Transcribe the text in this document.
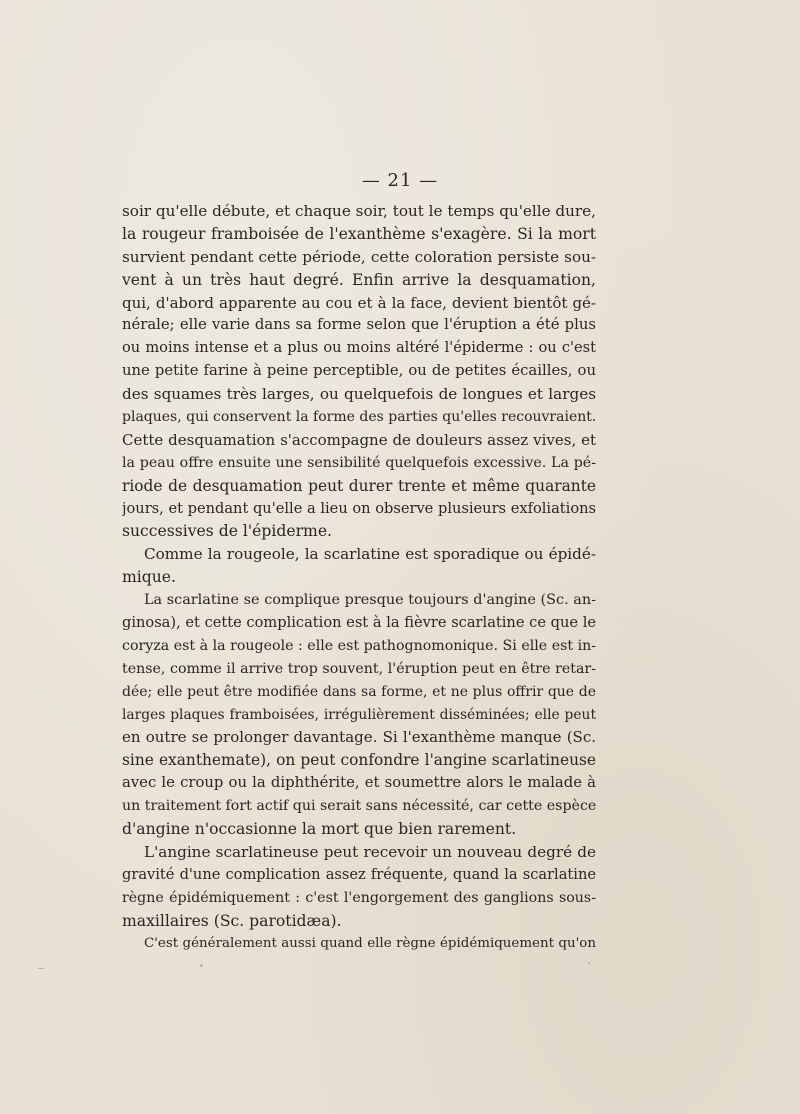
— 21 —
soir qu'elle débute, et chaque soir, tout le temps qu'elle dure,
la rougeur framboisée de l'exanthème s'exagère. Si la mort
survient pendant cette période, cette coloration persiste sou-
vent à un très haut degré. Enfin arrive la desquamation,
qui, d'abord apparente au cou et à la face, devient bientôt gé-
nérale; elle varie dans sa forme selon que l'éruption a été plus
ou moins intense et a plus ou moins altéré l'épiderme : ou c'est
une petite farine à peine perceptible, ou de petites écailles, ou
des squames très larges, ou quelquefois de longues et larges
plaques, qui conservent la forme des parties qu'elles recouvraient.
Cette desquamation s'accompagne de douleurs assez vives, et
la peau offre ensuite une sensibilité quelquefois excessive. La pé-
riode de desquamation peut durer trente et même quarante
jours, et pendant qu'elle a lieu on observe plusieurs exfoliations
successives de l'épiderme.
Comme la rougeole, la scarlatine est sporadique ou épidé-
mique.
La scarlatine se complique presque toujours d'angine (Sc. an-
ginosa), et cette complication est à la fièvre scarlatine ce que le
coryza est à la rougeole : elle est pathognomonique. Si elle est in-
tense, comme il arrive trop souvent, l'éruption peut en être retar-
dée; elle peut être modifiée dans sa forme, et ne plus offrir que de
larges plaques framboisées, irrégulièrement disséminées; elle peut
en outre se prolonger davantage. Si l'exanthème manque (Sc.
sine exanthemate), on peut confondre l'angine scarlatineuse
avec le croup ou la diphthérite, et soumettre alors le malade à
un traitement fort actif qui serait sans nécessité, car cette espèce
d'angine n'occasionne la mort que bien rarement.
L'angine scarlatineuse peut recevoir un nouveau degré de
gravité d'une complication assez fréquente, quand la scarlatine
règne épidémiquement : c'est l'engorgement des ganglions sous-
maxillaires (Sc. parotidæa).
C'est généralement aussi quand elle règne épidémiquement qu'on
